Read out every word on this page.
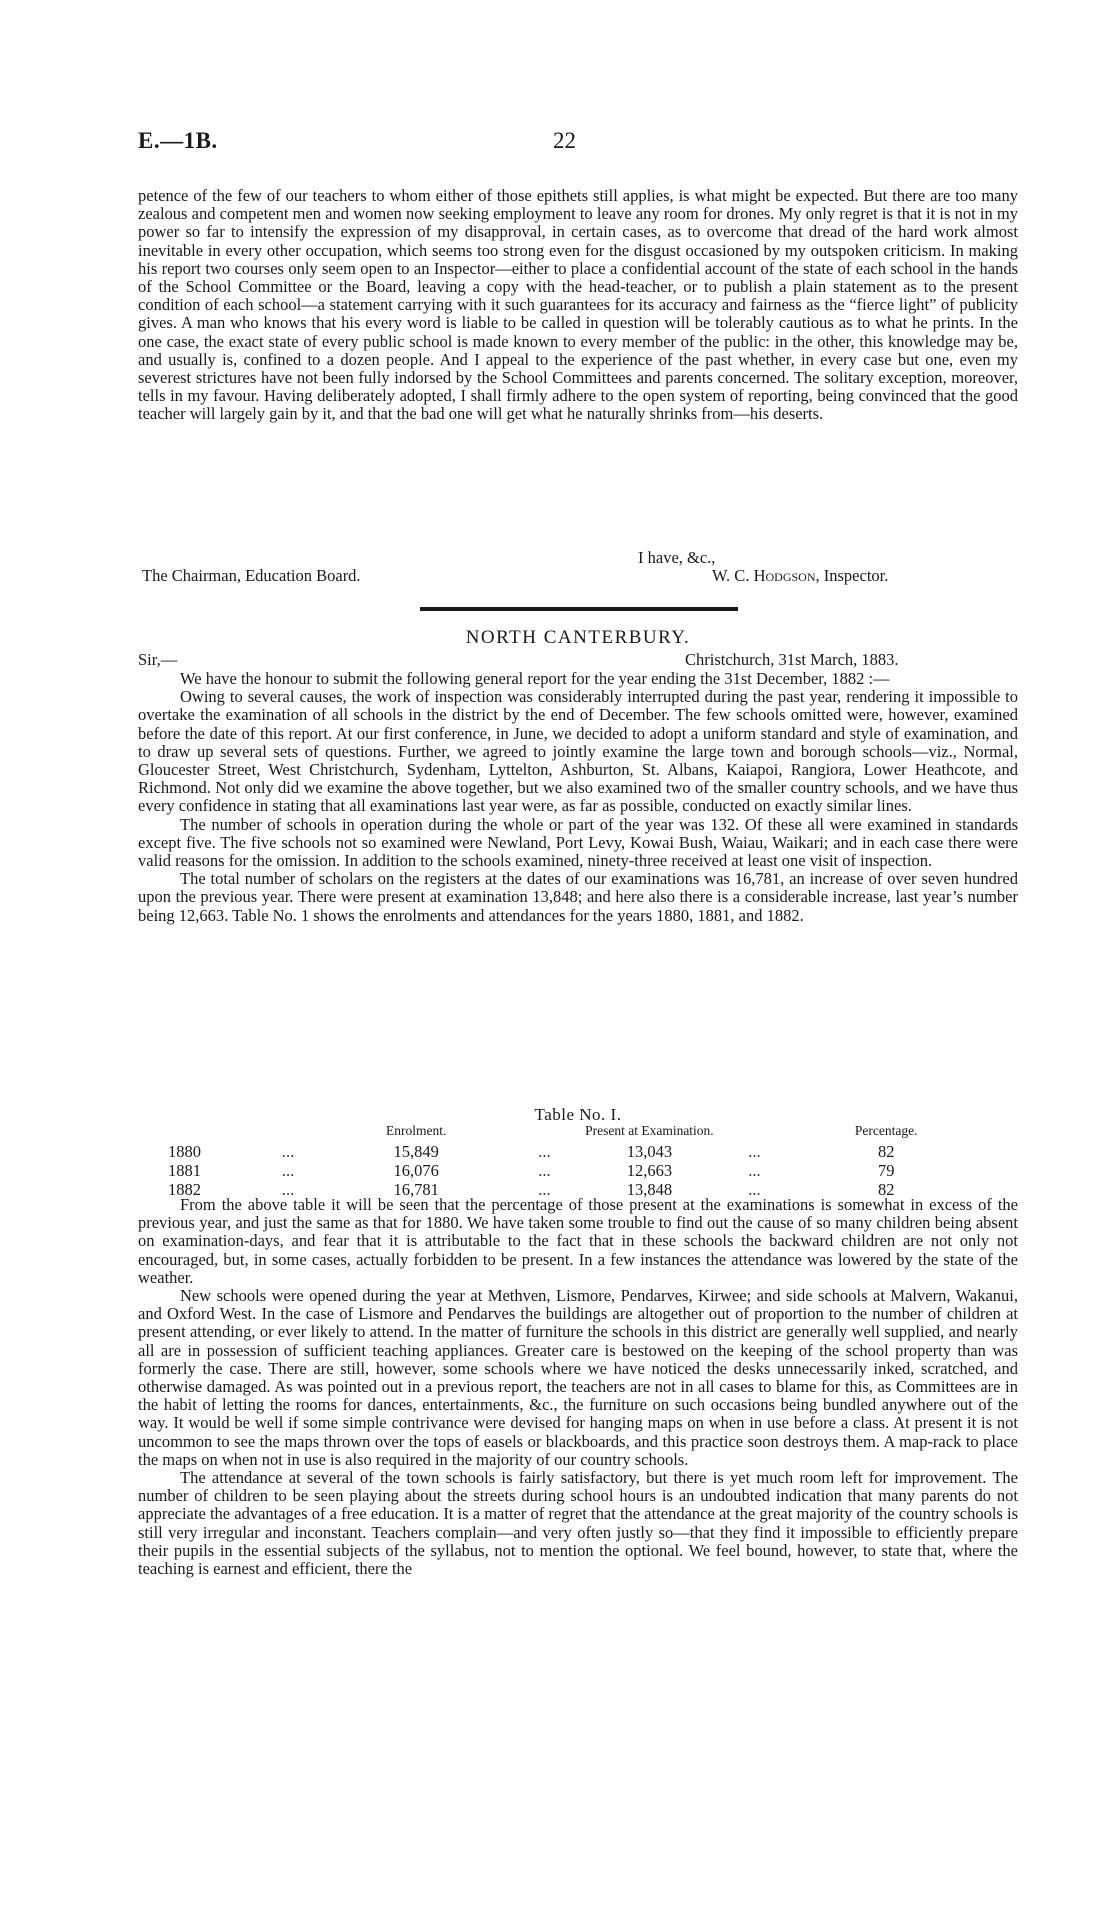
E.—1B.	22

petence of the few of our teachers to whom either of those epithets still applies, is what might be expected. But there are too many zealous and competent men and women now seeking employment to leave any room for drones. My only regret is that it is not in my power so far to intensify the expression of my disapproval, in certain cases, as to overcome that dread of the hard work almost inevitable in every other occupation, which seems too strong even for the disgust occasioned by my outspoken criticism. In making his report two courses only seem open to an Inspector—either to place a confidential account of the state of each school in the hands of the School Committee or the Board, leaving a copy with the head-teacher, or to publish a plain statement as to the present condition of each school—a statement carrying with it such guarantees for its accuracy and fairness as the “fierce light” of publicity gives. A man who knows that his every word is liable to be called in question will be tolerably cautious as to what he prints. In the one case, the exact state of every public school is made known to every member of the public: in the other, this knowledge may be, and usually is, confined to a dozen people. And I appeal to the experience of the past whether, in every case but one, even my severest strictures have not been fully indorsed by the School Committees and parents concerned. The solitary exception, moreover, tells in my favour. Having deliberately adopted, I shall firmly adhere to the open system of reporting, being convinced that the good teacher will largely gain by it, and that the bad one will get what he naturally shrinks from—his deserts.

I have, &c.,
The Chairman, Education Board.	W. C. Hodgson, Inspector.
NORTH CANTERBURY.
Sir,—	Christchurch, 31st March, 1883.

We have the honour to submit the following general report for the year ending the 31st December, 1882 :—

Owing to several causes, the work of inspection was considerably interrupted during the past year, rendering it impossible to overtake the examination of all schools in the district by the end of December. The few schools omitted were, however, examined before the date of this report. At our first conference, in June, we decided to adopt a uniform standard and style of examination, and to draw up several sets of questions. Further, we agreed to jointly examine the large town and borough schools—viz., Normal, Gloucester Street, West Christchurch, Sydenham, Lyttelton, Ashburton, St. Albans, Kaiapoi, Rangiora, Lower Heathcote, and Richmond. Not only did we examine the above together, but we also examined two of the smaller country schools, and we have thus every confidence in stating that all examinations last year were, as far as possible, conducted on exactly similar lines.

The number of schools in operation during the whole or part of the year was 132. Of these all were examined in standards except five. The five schools not so examined were Newland, Port Levy, Kowai Bush, Waiau, Waikari; and in each case there were valid reasons for the omission. In addition to the schools examined, ninety-three received at least one visit of inspection.

The total number of scholars on the registers at the dates of our examinations was 16,781, an increase of over seven hundred upon the previous year. There were present at examination 13,848; and here also there is a considerable increase, last year’s number being 12,663. Table No. 1 shows the enrolments and attendances for the years 1880, 1881, and 1882.

Table No. I.
		Enrolment.		Present at Examination.		Percentage.
1880	...	15,849	...	13,043	...	82
1881	...	16,076	...	12,663	...	79
1882	...	16,781	...	13,848	...	82

From the above table it will be seen that the percentage of those present at the examinations is somewhat in excess of the previous year, and just the same as that for 1880. We have taken some trouble to find out the cause of so many children being absent on examination-days, and fear that it is attributable to the fact that in these schools the backward children are not only not encouraged, but, in some cases, actually forbidden to be present. In a few instances the attendance was lowered by the state of the weather.

New schools were opened during the year at Methven, Lismore, Pendarves, Kirwee; and side schools at Malvern, Wakanui, and Oxford West. In the case of Lismore and Pendarves the buildings are altogether out of proportion to the number of children at present attending, or ever likely to attend. In the matter of furniture the schools in this district are generally well supplied, and nearly all are in possession of sufficient teaching appliances. Greater care is bestowed on the keeping of the school property than was formerly the case. There are still, however, some schools where we have noticed the desks unnecessarily inked, scratched, and otherwise damaged. As was pointed out in a previous report, the teachers are not in all cases to blame for this, as Committees are in the habit of letting the rooms for dances, entertainments, &c., the furniture on such occasions being bundled anywhere out of the way. It would be well if some simple contrivance were devised for hanging maps on when in use before a class. At present it is not uncommon to see the maps thrown over the tops of easels or blackboards, and this practice soon destroys them. A map-rack to place the maps on when not in use is also required in the majority of our country schools.

The attendance at several of the town schools is fairly satisfactory, but there is yet much room left for improvement. The number of children to be seen playing about the streets during school hours is an undoubted indication that many parents do not appreciate the advantages of a free education. It is a matter of regret that the attendance at the great majority of the country schools is still very irregular and inconstant. Teachers complain—and very often justly so—that they find it impossible to efficiently prepare their pupils in the essential subjects of the syllabus, not to mention the optional. We feel bound, however, to state that, where the teaching is earnest and efficient, there the
